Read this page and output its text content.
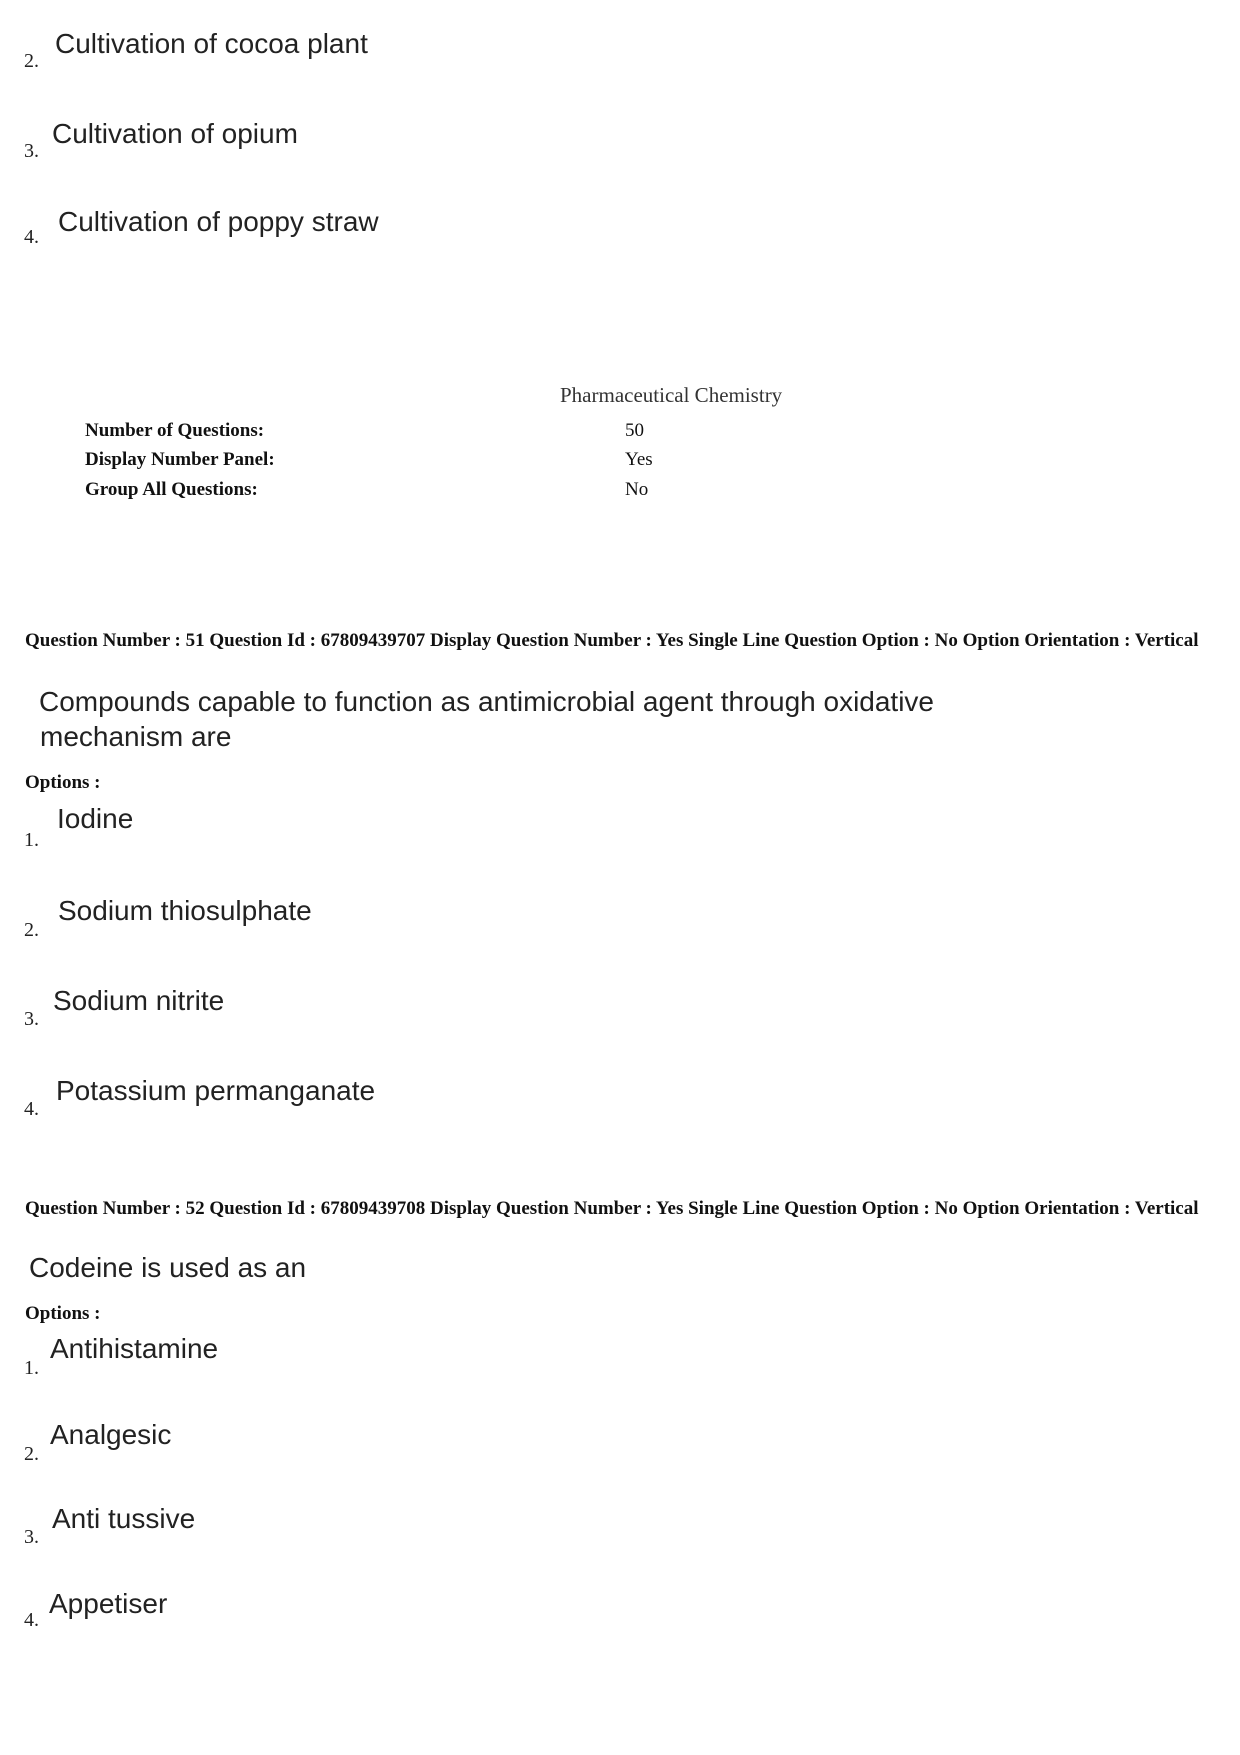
2.
Cultivation of cocoa plant
3.
Cultivation of opium
4. Cultivation of poppy straw
Pharmaceutical Chemistry
Number of Questions:	50
Display Number Panel:	Yes
Group All Questions:	No
Question Number : 51 Question Id : 67809439707 Display Question Number : Yes Single Line Question Option : No Option Orientation : Vertical
Compounds capable to function as antimicrobial agent through oxidative
mechanism are
Options :
1.
Iodine
2.
Sodium thiosulphate
3.
Sodium nitrite
4.
Potassium permanganate
Question Number : 52 Question Id : 67809439708 Display Question Number : Yes Single Line Question Option : No Option Orientation : Vertical
Codeine is used as an
Options :
1.
Antihistamine
2.
Analgesic
3.
Anti tussive
4.
Appetiser
